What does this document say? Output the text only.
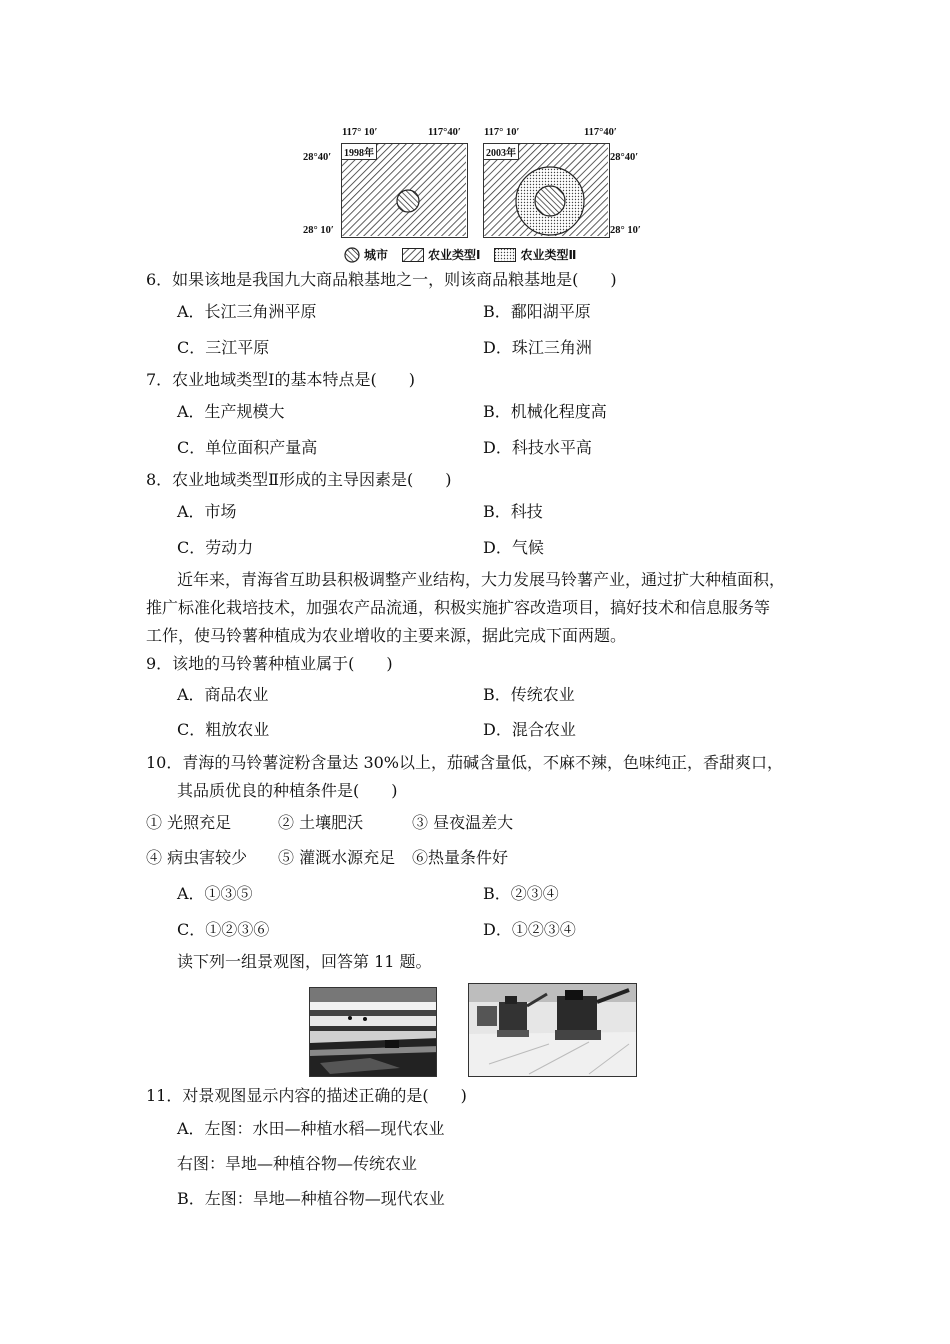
117° 10′	117°40′ 117° 10′	117°40′
28°40′
28° 10′
28°40′
28° 10′
1998年	2003年
城市	农业类型Ⅰ	农业类型Ⅱ
6．如果该地是我国九大商品粮基地之一，则该商品粮基地是(　　)
A．长江三角洲平原	B．鄱阳湖平原
C．三江平原	D．珠江三角洲
7．农业地域类型Ⅰ的基本特点是(　　)
A．生产规模大	B．机械化程度高
C．单位面积产量高	D．科技水平高
8．农业地域类型Ⅱ形成的主导因素是(　　)
A．市场	B．科技
C．劳动力	D．气候
近年来，青海省互助县积极调整产业结构，大力发展马铃薯产业，通过扩大种植面积，
推广标准化栽培技术，加强农产品流通，积极实施扩容改造项目，搞好技术和信息服务等
工作，使马铃薯种植成为农业增收的主要来源，据此完成下面两题。
9．该地的马铃薯种植业属于(　　)
A．商品农业	B．传统农业
C．粗放农业	D．混合农业
10．青海的马铃薯淀粉含量达 30%以上，茄碱含量低，不麻不辣，色味纯正，香甜爽口，
其品质优良的种植条件是(　　)
① 光照充足	② 土壤肥沃	③ 昼夜温差大
④ 病虫害较少 ⑤ 灌溉水源充足 ⑥热量条件好
A．①③⑤	B．②③④
C．①②③⑥	D．①②③④
读下列一组景观图，回答第 11 题。
11．对景观图显示内容的描述正确的是(　　)
A．左图：水田—种植水稻—现代农业
右图：旱地—种植谷物—传统农业
B．左图：旱地—种植谷物—现代农业
